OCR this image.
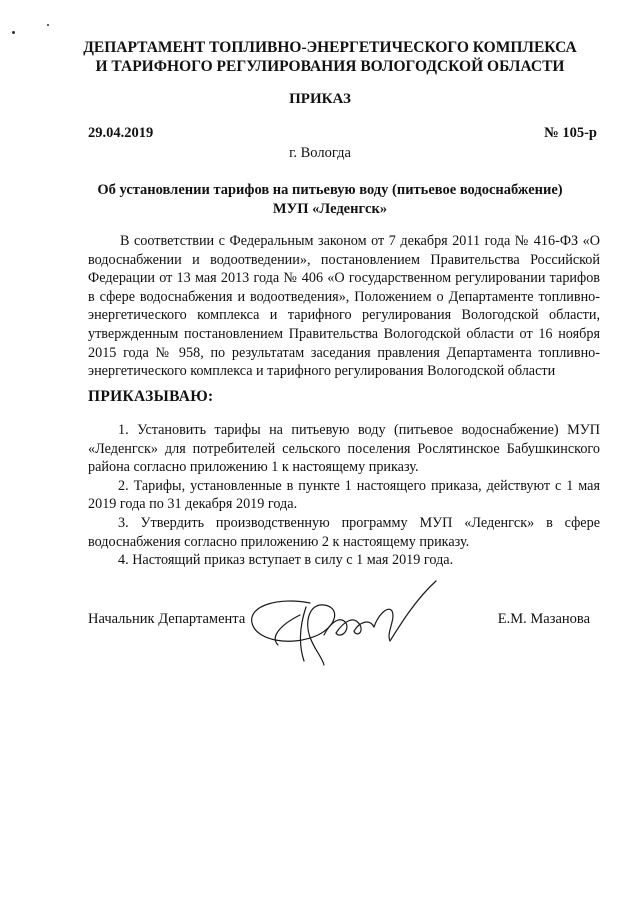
ДЕПАРТАМЕНТ ТОПЛИВНО-ЭНЕРГЕТИЧЕСКОГО КОМПЛЕКСА
И ТАРИФНОГО РЕГУЛИРОВАНИЯ ВОЛОГОДСКОЙ ОБЛАСТИ
ПРИКАЗ
29.04.2019	№ 105-р
г. Вологда
Об установлении тарифов на питьевую воду (питьевое водоснабжение)
МУП «Леденгск»

В соответствии с Федеральным законом от 7 декабря 2011 года № 416-ФЗ «О водоснабжении и водоотведении», постановлением Правительства Российской Федерации от 13 мая 2013 года № 406 «О государственном регулировании тарифов в сфере водоснабжения и водоотведения», Положением о Департаменте топливно-энергетического комплекса и тарифного регулирования Вологодской области, утвержденным постановлением Правительства Вологодской области от 16 ноября 2015 года № 958, по результатам заседания правления Департамента топливно-энергетического комплекса и тарифного регулирования Вологодской области

ПРИКАЗЫВАЮ:

1. Установить тарифы на питьевую воду (питьевое водоснабжение) МУП «Леденгск» для потребителей сельского поселения Рослятинское Бабушкинского района согласно приложению 1 к настоящему приказу.

2. Тарифы, установленные в пункте 1 настоящего приказа, действуют с 1 мая 2019 года по 31 декабря 2019 года.

3. Утвердить производственную программу МУП «Леденгск» в сфере водоснабжения согласно приложению 2 к настоящему приказу.

4. Настоящий приказ вступает в силу с 1 мая 2019 года.

Начальник Департамента	Е.М. Мазанова
